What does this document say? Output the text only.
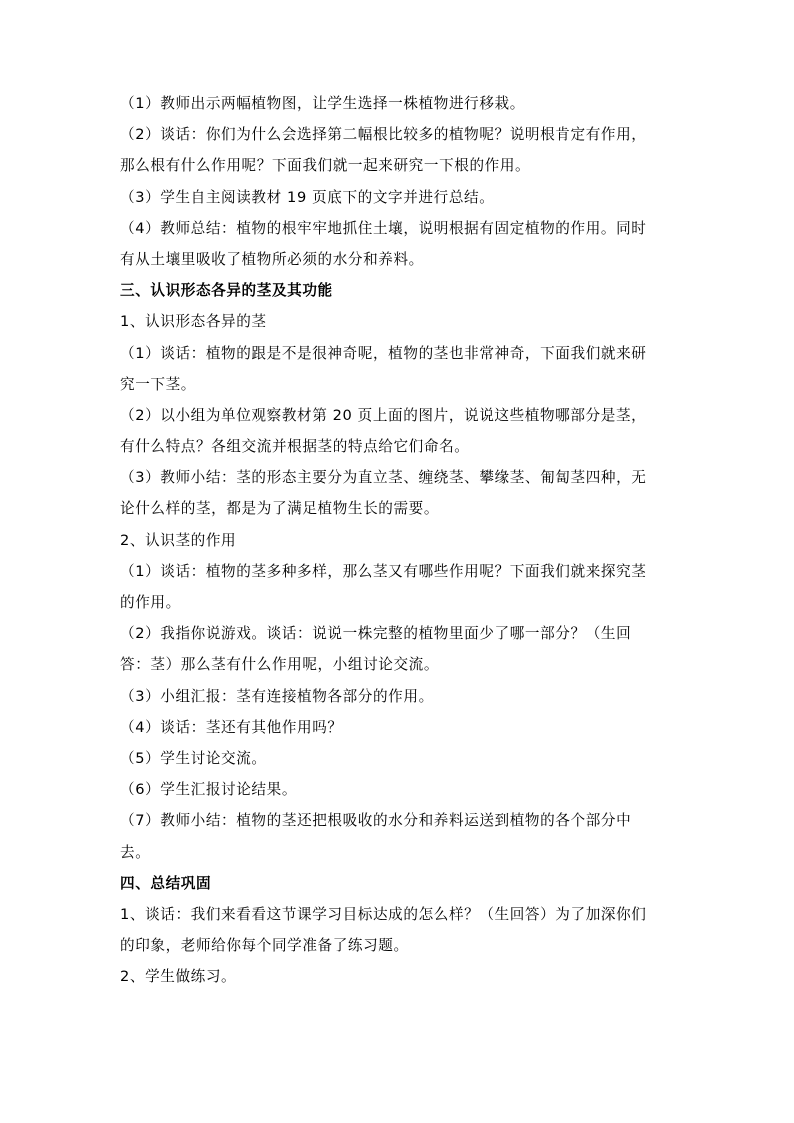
（1）教师出示两幅植物图，让学生选择一株植物进行移栽。
（2）谈话：你们为什么会选择第二幅根比较多的植物呢？说明根肯定有作用，
那么根有什么作用呢？下面我们就一起来研究一下根的作用。
（3）学生自主阅读教材 19 页底下的文字并进行总结。
（4）教师总结：植物的根牢牢地抓住土壤，说明根据有固定植物的作用。同时
有从土壤里吸收了植物所必须的水分和养料。
三、认识形态各异的茎及其功能
1、认识形态各异的茎
（1）谈话：植物的跟是不是很神奇呢，植物的茎也非常神奇，下面我们就来研
究一下茎。
（2）以小组为单位观察教材第 20 页上面的图片，说说这些植物哪部分是茎，
有什么特点？各组交流并根据茎的特点给它们命名。
（3）教师小结：茎的形态主要分为直立茎、缠绕茎、攀缘茎、匍匐茎四种，无
论什么样的茎，都是为了满足植物生长的需要。
2、认识茎的作用
（1）谈话：植物的茎多种多样，那么茎又有哪些作用呢？下面我们就来探究茎
的作用。
（2）我指你说游戏。谈话：说说一株完整的植物里面少了哪一部分？（生回
答：茎）那么茎有什么作用呢，小组讨论交流。
（3）小组汇报：茎有连接植物各部分的作用。
（4）谈话：茎还有其他作用吗？
（5）学生讨论交流。
（6）学生汇报讨论结果。
（7）教师小结：植物的茎还把根吸收的水分和养料运送到植物的各个部分中
去。
四、总结巩固
1、谈话：我们来看看这节课学习目标达成的怎么样？（生回答）为了加深你们
的印象，老师给你每个同学准备了练习题。
2、学生做练习。
